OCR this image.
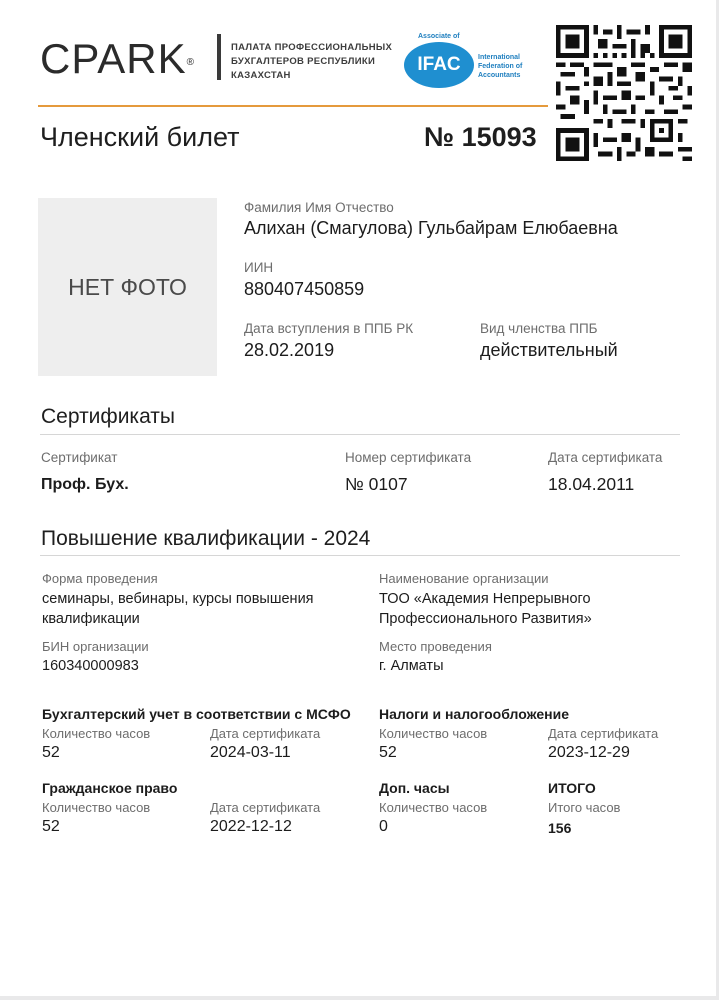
CPARK®
ПАЛАТА ПРОФЕССИОНАЛЬНЫХ БУХГАЛТЕРОВ РЕСПУБЛИКИ КАЗАХСТАН
Associate of
IFAC	International Federation of Accountants
Членский билет	№ 15093
НЕТ ФОТО
Фамилия Имя Отчество
Алихан (Смагулова) Гульбайрам Елюбаевна
ИИН
880407450859
Дата вступления в ППБ РК
28.02.2019
Вид членства ППБ
действительный
Сертификаты
Сертификат	Номер сертификата	Дата сертификата
Проф. Бух.	№ 0107	18.04.2011
Повышение квалификации - 2024
Форма проведения
семинары, вебинары, курсы повышения квалификации
Наименование организации
ТОО «Академия Непрерывного Профессионального Развития»
БИН организации
160340000983
Место проведения
г. Алматы
Бухгалтерский учет в соответствии с МСФО
Количество часов
52
Дата сертификата
2024-03-11
Налоги и налогообложение
Количество часов
52
Дата сертификата
2023-12-29
Гражданское право
Количество часов
52
Дата сертификата
2022-12-12
Доп. часы
Количество часов
0
ИТОГО
Итого часов
156
